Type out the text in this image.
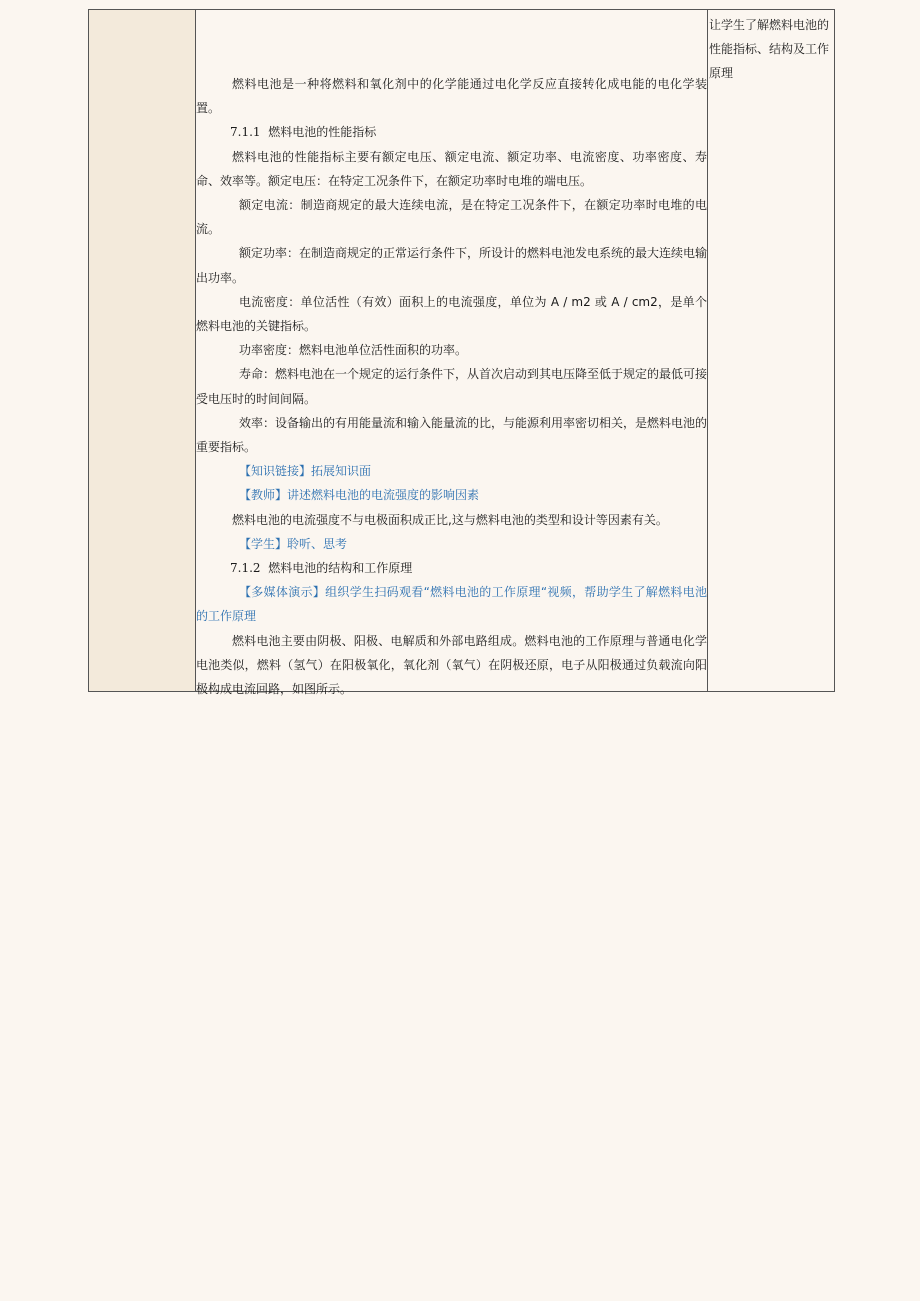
燃料电池是一种将燃料和氧化剂中的化学能通过电化学反应直接转化成电能的电化学装置。

7.1.1 燃料电池的性能指标

燃料电池的性能指标主要有额定电压、额定电流、额定功率、电流密度、功率密度、寿命、效率等。额定电压：在特定工况条件下，在额定功率时电堆的端电压。

额定电流：制造商规定的最大连续电流，是在特定工况条件下，在额定功率时电堆的电流。

额定功率：在制造商规定的正常运行条件下，所设计的燃料电池发电系统的最大连续电输出功率。

电流密度：单位活性（有效）面积上的电流强度，单位为 A / m2 或 A / cm2，是单个燃料电池的关键指标。

功率密度：燃料电池单位活性面积的功率。

寿命：燃料电池在一个规定的运行条件下，从首次启动到其电压降至低于规定的最低可接受电压时的时间间隔。

效率：设备输出的有用能量流和输入能量流的比，与能源利用率密切相关，是燃料电池的重要指标。

【知识链接】拓展知识面

【教师】讲述燃料电池的电流强度的影响因素

燃料电池的电流强度不与电极面积成正比,这与燃料电池的类型和设计等因素有关。

【学生】聆听、思考

7.1.2 燃料电池的结构和工作原理

【多媒体演示】组织学生扫码观看“燃料电池的工作原理“视频，帮助学生了解燃料电池的工作原理

燃料电池主要由阴极、阳极、电解质和外部电路组成。燃料电池的工作原理与普通电化学电池类似，燃料（氢气）在阳极氧化，氧化剂（氧气）在阴极还原，电子从阳极通过负载流向阳极构成电流回路，如图所示。

让学生了解燃料电池的性能指标、结构及工作原理
